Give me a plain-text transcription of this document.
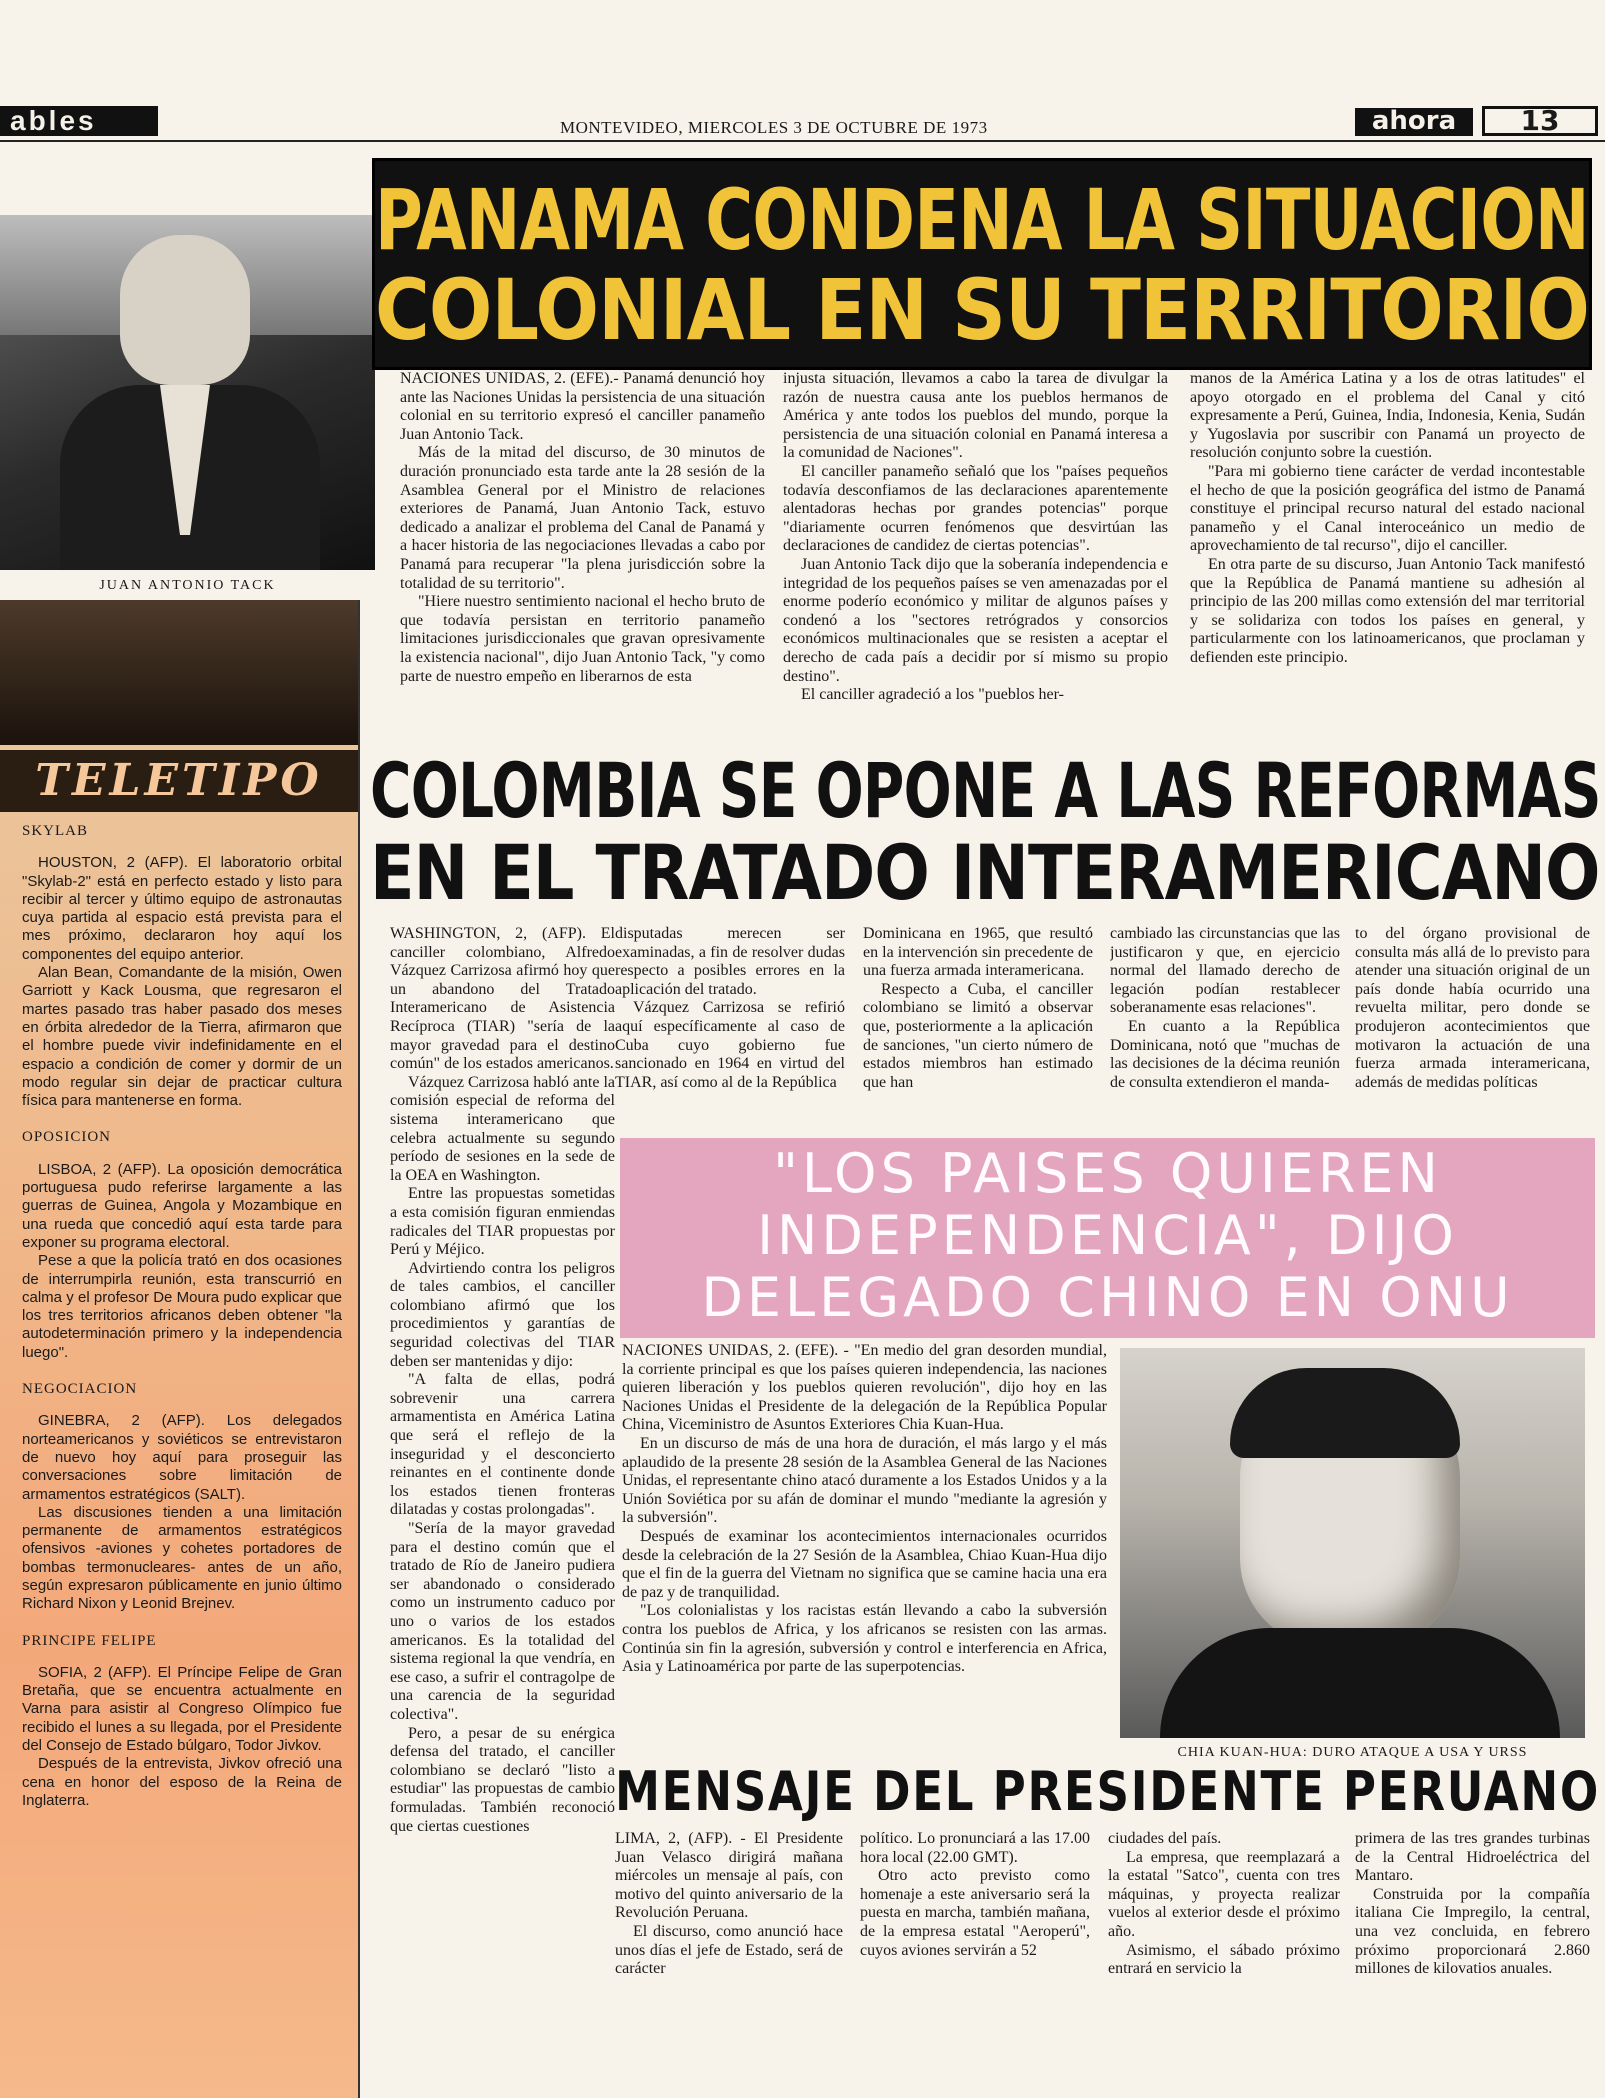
ables	MONTEVIDEO, MIERCOLES 3 DE OCTUBRE DE 1973	ahora	13
JUAN ANTONIO TACK
TELETIPO

SKYLAB

HOUSTON, 2 (AFP). El laboratorio orbital "Skylab-2" está en perfecto estado y listo para recibir al tercer y último equipo de astronautas cuya partida al espacio está prevista para el mes próximo, declararon hoy aquí los componentes del equipo anterior.

Alan Bean, Comandante de la misión, Owen Garriott y Kack Lousma, que regresaron el martes pasado tras haber pasado dos meses en órbita alrededor de la Tierra, afirmaron que el hombre puede vivir indefinidamente en el espacio a condición de comer y dormir de un modo regular sin dejar de practicar cultura física para mantenerse en forma.

OPOSICION

LISBOA, 2 (AFP). La oposición democrática portuguesa pudo referirse largamente a las guerras de Guinea, Angola y Mozambique en una rueda que concedió aquí esta tarde para exponer su programa electoral.

Pese a que la policía trató en dos ocasiones de interrumpirla reunión, esta transcurrió en calma y el profesor De Moura pudo explicar que los tres territorios africanos deben obtener "la autodeterminación primero y la independencia luego".

NEGOCIACION

GINEBRA, 2 (AFP). Los delegados norteamericanos y soviéticos se entrevistaron de nuevo hoy aquí para proseguir las conversaciones sobre limitación de armamentos estratégicos (SALT).

Las discusiones tienden a una limitación permanente de armamentos estratégicos ofensivos -aviones y cohetes portadores de bombas termonucleares- antes de un año, según expresaron públicamente en junio último Richard Nixon y Leonid Brejnev.

PRINCIPE FELIPE

SOFIA, 2 (AFP). El Príncipe Felipe de Gran Bretaña, que se encuentra actualmente en Varna para asistir al Congreso Olímpico fue recibido el lunes a su llegada, por el Presidente del Consejo de Estado búlgaro, Todor Jivkov.

Después de la entrevista, Jivkov ofreció una cena en honor del esposo de la Reina de Inglaterra.

PANAMA CONDENA LA SITUACION
COLONIAL EN SU TERRITORIO

NACIONES UNIDAS, 2. (EFE).- Panamá denunció hoy ante las Naciones Unidas la persistencia de una situación colonial en su territorio expresó el canciller panameño Juan Antonio Tack.

Más de la mitad del discurso, de 30 minutos de duración pronunciado esta tarde ante la 28 sesión de la Asamblea General por el Ministro de relaciones exteriores de Panamá, Juan Antonio Tack, estuvo dedicado a analizar el problema del Canal de Panamá y a hacer historia de las negociaciones llevadas a cabo por Panamá para recuperar "la plena jurisdicción sobre la totalidad de su territorio".

"Hiere nuestro sentimiento nacional el hecho bruto de que todavía persistan en territorio panameño limitaciones jurisdiccionales que gravan opresivamente la existencia nacional", dijo Juan Antonio Tack, "y como parte de nuestro empeño en liberarnos de esta

injusta situación, llevamos a cabo la tarea de divulgar la razón de nuestra causa ante los pueblos hermanos de América y ante todos los pueblos del mundo, porque la persistencia de una situación colonial en Panamá interesa a la comunidad de Naciones".

El canciller panameño señaló que los "países pequeños todavía desconfiamos de las declaraciones aparentemente alentadoras hechas por grandes potencias" porque "diariamente ocurren fenómenos que desvirtúan las declaraciones de candidez de ciertas potencias".

Juan Antonio Tack dijo que la soberanía independencia e integridad de los pequeños países se ven amenazadas por el enorme poderío económico y militar de algunos países y condenó a los "sectores retrógrados y consorcios económicos multinacionales que se resisten a aceptar el derecho de cada país a decidir por sí mismo su propio destino".

El canciller agradeció a los "pueblos her-

manos de la América Latina y a los de otras latitudes" el apoyo otorgado en el problema del Canal y citó expresamente a Perú, Guinea, India, Indonesia, Kenia, Sudán y Yugoslavia por suscribir con Panamá un proyecto de resolución conjunto sobre la cuestión.

"Para mi gobierno tiene carácter de verdad incontestable el hecho de que la posición geográfica del istmo de Panamá constituye el principal recurso natural del estado nacional panameño y el Canal interoceánico un medio de aprovechamiento de tal recurso", dijo el canciller.

En otra parte de su discurso, Juan Antonio Tack manifestó que la República de Panamá mantiene su adhesión al principio de las 200 millas como extensión del mar territorial y se solidariza con todos los países en general, y particularmente con los latinoamericanos, que proclaman y defienden este principio.

COLOMBIA SE OPONE A LAS REFORMAS
EN EL TRATADO INTERAMERICANO

WASHINGTON, 2, (AFP). El canciller colombiano, Alfredo Vázquez Carrizosa afirmó hoy que un abandono del Tratado Interamericano de Asistencia Recíproca (TIAR) "sería de la mayor gravedad para el destino común" de los estados americanos.

Vázquez Carrizosa habló ante la comisión especial de reforma del sistema interamericano que celebra actualmente su segundo período de sesiones en la sede de la OEA en Washington.

Entre las propuestas sometidas a esta comisión figuran enmiendas radicales del TIAR propuestas por Perú y Méjico.

Advirtiendo contra los peligros de tales cambios, el canciller colombiano afirmó que los procedimientos y garantías de seguridad colectivas del TIAR deben ser mantenidas y dijo:

"A falta de ellas, podrá sobrevenir una carrera armamentista en América Latina que será el reflejo de la inseguridad y el desconcierto reinantes en el continente donde los estados tienen fronteras dilatadas y costas prolongadas".

"Sería de la mayor gravedad para el destino común que el tratado de Río de Janeiro pudiera ser abandonado o considerado como un instrumento caduco por uno o varios de los estados americanos. Es la totalidad del sistema regional la que vendría, en ese caso, a sufrir el contragolpe de una carencia de la seguridad colectiva".

Pero, a pesar de su enérgica defensa del tratado, el canciller colombiano se declaró "listo a estudiar" las propuestas de cambio formuladas. También reconoció que ciertas cuestiones

disputadas merecen ser examinadas, a fin de resolver dudas respecto a posibles errores en la aplicación del tratado.

Vázquez Carrizosa se refirió aquí específicamente al caso de Cuba cuyo gobierno fue sancionado en 1964 en virtud del TIAR, así como al de la República

Dominicana en 1965, que resultó en la intervención sin precedente de una fuerza armada interamericana.

Respecto a Cuba, el canciller colombiano se limitó a observar que, posteriormente a la aplicación de sanciones, "un cierto número de estados miembros han estimado que han

cambiado las circunstancias que las justificaron y que, en ejercicio normal del llamado derecho de legación podían restablecer soberanamente esas relaciones".

En cuanto a la República Dominicana, notó que "muchas de las decisiones de la décima reunión de consulta extendieron el manda-

to del órgano provisional de consulta más allá de lo previsto para atender una situación original de un país donde había ocurrido una revuelta militar, pero donde se produjeron acontecimientos que motivaron la actuación de una fuerza armada interamericana, además de medidas políticas

"LOS PAISES QUIEREN
INDEPENDENCIA", DIJO
DELEGADO CHINO EN ONU

NACIONES UNIDAS, 2. (EFE). - "En medio del gran desorden mundial, la corriente principal es que los países quieren independencia, las naciones quieren liberación y los pueblos quieren revolución", dijo hoy en las Naciones Unidas el Presidente de la delegación de la República Popular China, Viceministro de Asuntos Exteriores Chia Kuan-Hua.

En un discurso de más de una hora de duración, el más largo y el más aplaudido de la presente 28 sesión de la Asamblea General de las Naciones Unidas, el representante chino atacó duramente a los Estados Unidos y a la Unión Soviética por su afán de dominar el mundo "mediante la agresión y la subversión".

Después de examinar los acontecimientos internacionales ocurridos desde la celebración de la 27 Sesión de la Asamblea, Chiao Kuan-Hua dijo que el fin de la guerra del Vietnam no significa que se camine hacia una era de paz y de tranquilidad.

"Los colonialistas y los racistas están llevando a cabo la subversión contra los pueblos de Africa, y los africanos se resisten con las armas. Continúa sin fin la agresión, subversión y control e interferencia en Africa, Asia y Latinoamérica por parte de las superpotencias.

CHIA KUAN-HUA: DURO ATAQUE A USA Y URSS
MENSAJE DEL PRESIDENTE PERUANO

LIMA, 2, (AFP). - El Presidente Juan Velasco dirigirá mañana miércoles un mensaje al país, con motivo del quinto aniversario de la Revolución Peruana.

El discurso, como anunció hace unos días el jefe de Estado, será de carácter

político. Lo pronunciará a las 17.00 hora local (22.00 GMT).

Otro acto previsto como homenaje a este aniversario será la puesta en marcha, también mañana, de la empresa estatal "Aeroperú", cuyos aviones servirán a 52

ciudades del país.

La empresa, que reemplazará a la estatal "Satco", cuenta con tres máquinas, y proyecta realizar vuelos al exterior desde el próximo año.

Asimismo, el sábado próximo entrará en servicio la

primera de las tres grandes turbinas de la Central Hidroeléctrica del Mantaro.

Construida por la compañía italiana Cie Impregilo, la central, una vez concluida, en febrero próximo proporcionará 2.860 millones de kilovatios anuales.
